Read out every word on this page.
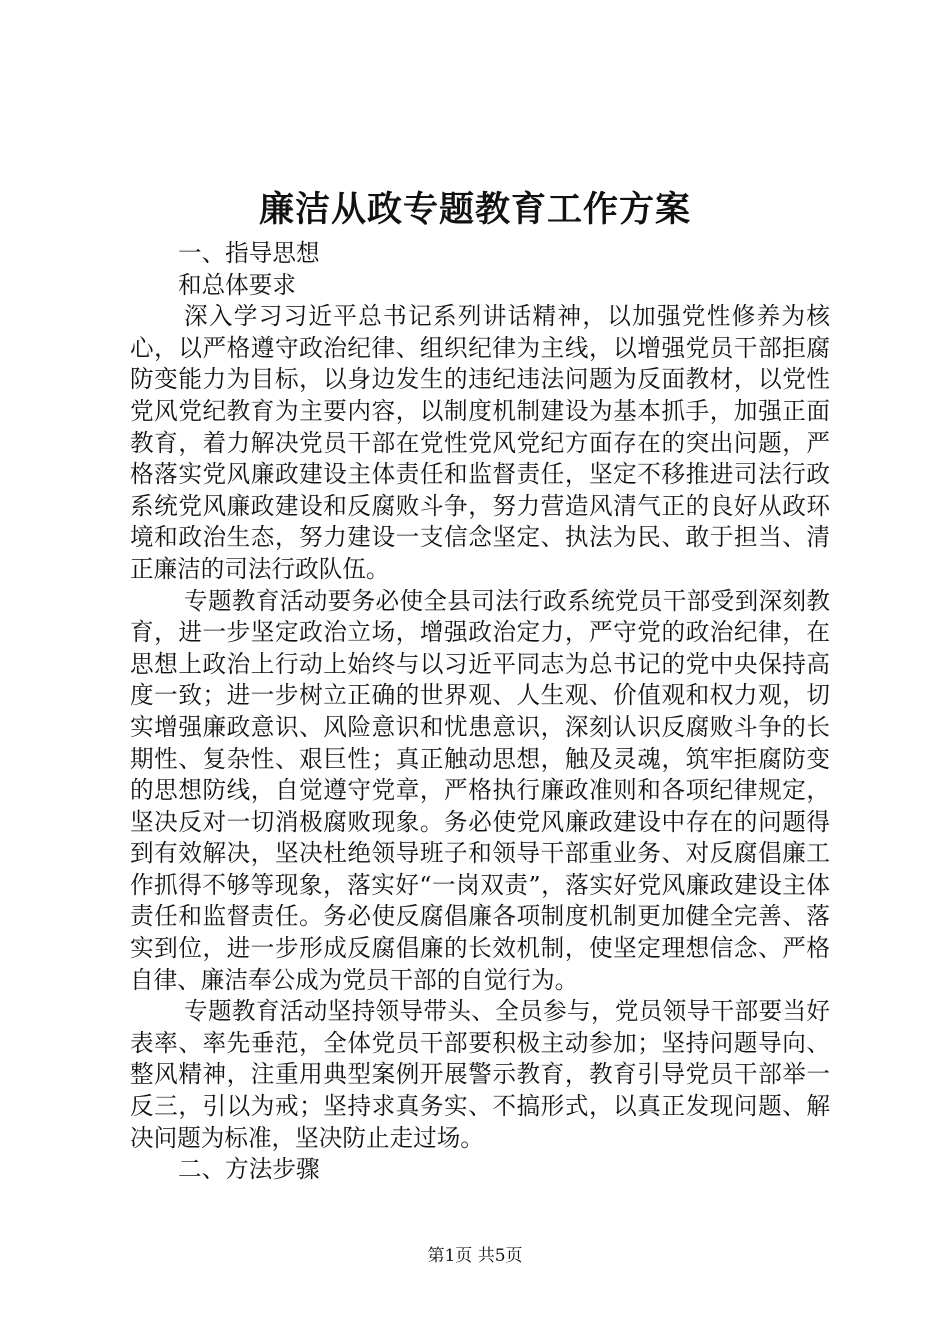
廉洁从政专题教育工作方案

一、指导思想

和总体要求

深入学习习近平总书记系列讲话精神，以加强党性修养为核心，以严格遵守政治纪律、组织纪律为主线，以增强党员干部拒腐防变能力为目标，以身边发生的违纪违法问题为反面教材，以党性党风党纪教育为主要内容，以制度机制建设为基本抓手，加强正面教育，着力解决党员干部在党性党风党纪方面存在的突出问题，严格落实党风廉政建设主体责任和监督责任，坚定不移推进司法行政系统党风廉政建设和反腐败斗争，努力营造风清气正的良好从政环境和政治生态，努力建设一支信念坚定、执法为民、敢于担当、清正廉洁的司法行政队伍。

专题教育活动要务必使全县司法行政系统党员干部受到深刻教育，进一步坚定政治立场，增强政治定力，严守党的政治纪律，在思想上政治上行动上始终与以习近平同志为总书记的党中央保持高度一致；进一步树立正确的世界观、人生观、价值观和权力观，切实增强廉政意识、风险意识和忧患意识，深刻认识反腐败斗争的长期性、复杂性、艰巨性；真正触动思想，触及灵魂，筑牢拒腐防变的思想防线，自觉遵守党章，严格执行廉政准则和各项纪律规定，坚决反对一切消极腐败现象。务必使党风廉政建设中存在的问题得到有效解决，坚决杜绝领导班子和领导干部重业务、对反腐倡廉工作抓得不够等现象，落实好“一岗双责”，落实好党风廉政建设主体责任和监督责任。务必使反腐倡廉各项制度机制更加健全完善、落实到位，进一步形成反腐倡廉的长效机制，使坚定理想信念、严格自律、廉洁奉公成为党员干部的自觉行为。

专题教育活动坚持领导带头、全员参与，党员领导干部要当好表率、率先垂范，全体党员干部要积极主动参加；坚持问题导向、整风精神，注重用典型案例开展警示教育，教育引导党员干部举一反三，引以为戒；坚持求真务实、不搞形式，以真正发现问题、解决问题为标准，坚决防止走过场。

二、方法步骤

第1页 共5页
